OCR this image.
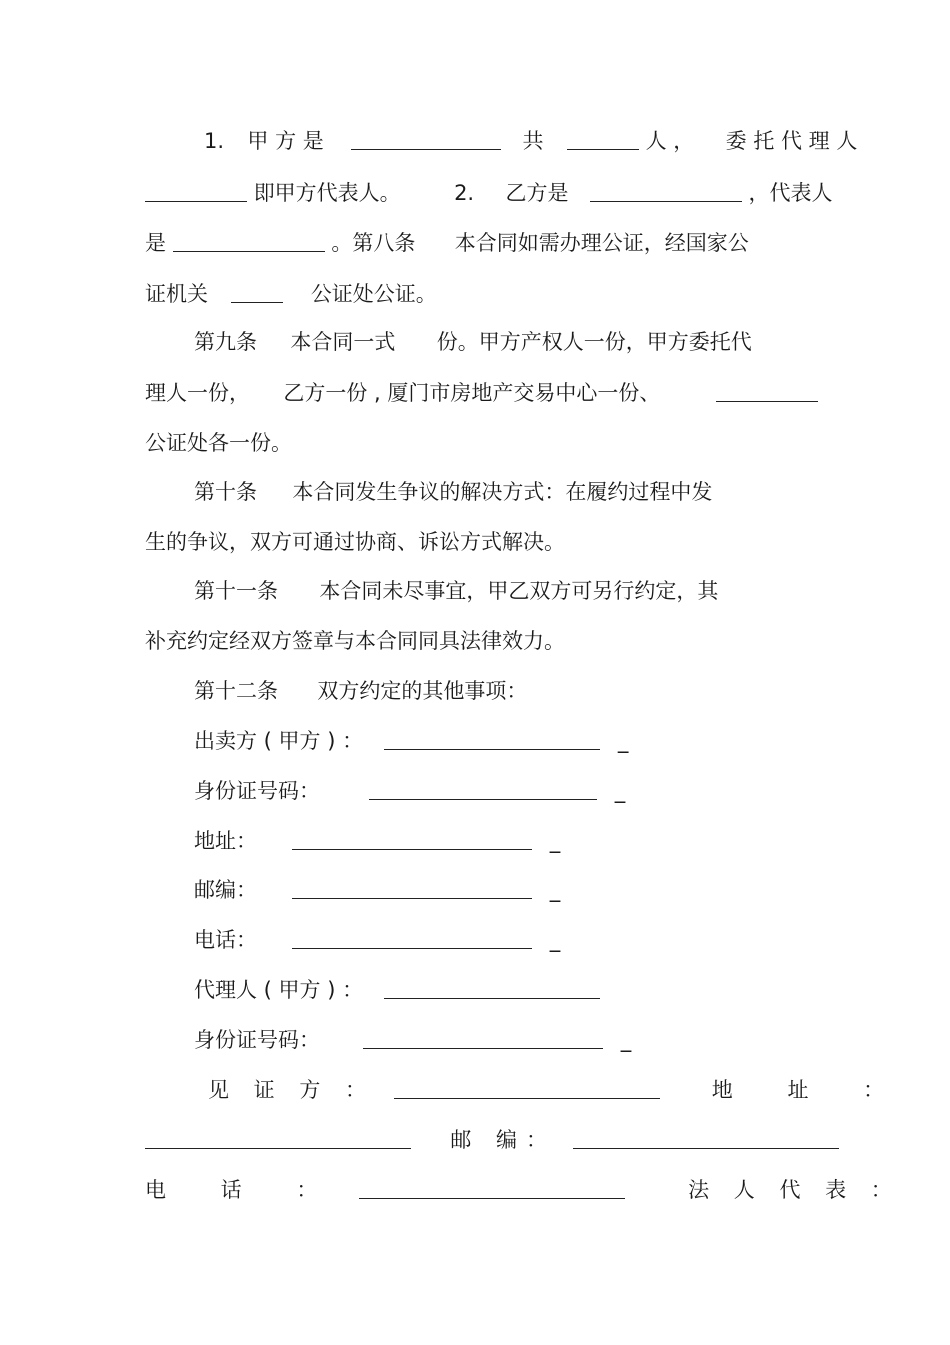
1. 甲 方 是	共	人 ， 委 托 代 理 人
即甲方代表人。	2. 乙方是	，代表人
是	。第八条 本合同如需办理公证，经国家公
证机关	公证处公证。
第九条 本合同一式 份。甲方产权人一份，甲方委托代
理人一份， 乙方一份 , 厦门市房地产交易中心一份、
公证处各一份。
第十条 本合同发生争议的解决方式：在履约过程中发
生的争议，双方可通过协商、诉讼方式解决。
第十一条 本合同未尽事宜，甲乙双方可另行约定，其
补充约定经双方签章与本合同同具法律效力。
第十二条 双方约定的其他事项：
出卖方 ( 甲方 ) ：	_
身份证号码：	_
地址：	_
邮编：	_
电话：	_
代理人 ( 甲方 ) ：
身份证号码：	_
见 证 方 ：	地 址 ：
邮 编：
电 话 ：	法 人 代 表 ：
